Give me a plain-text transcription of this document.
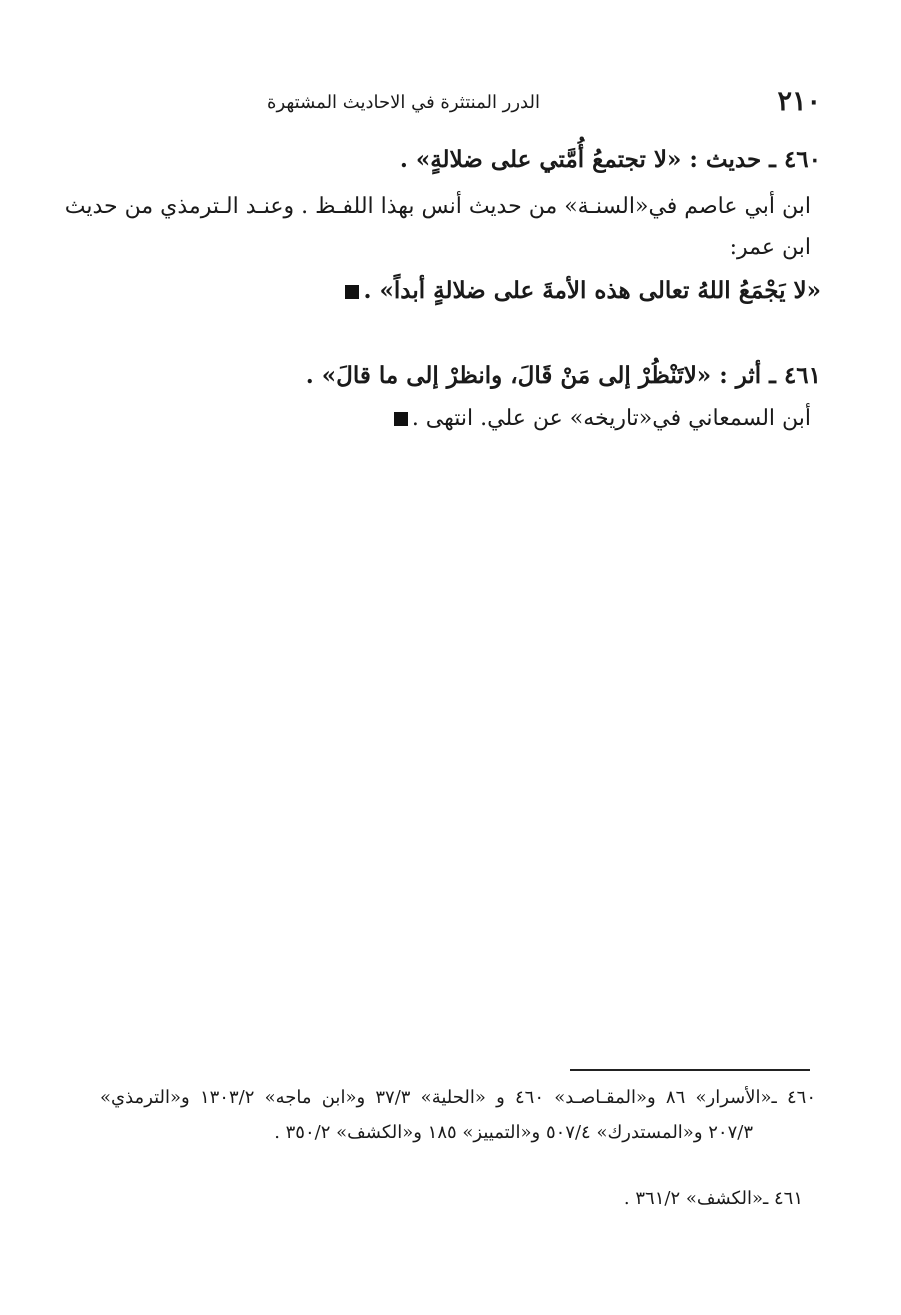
٢١٠
الدرر المنتثرة في الاحاديث المشتهرة
٤٦٠ ـ حديث : «لا تجتمعُ أُمَّتي على ضلالةٍ» .
ابن أبي عاصم في«السنـة» من حديث أنس بهذا اللفـظ . وعنـد الـترمذي من حديث
ابن عمر:
«لا يَجْمَعُ اللهُ تعالى هذه الأمةَ على ضلالةٍ أبداً» .
٤٦١ ـ أثر : «لاتَنْظُرْ إلى مَنْ قَالَ، وانظرْ إلى ما قالَ» .
أبن السمعاني في«تاريخه» عن علي. انتهى .
٤٦٠ ـ«الأسرار» ٨٦ و«المقـاصـد» ٤٦٠ و «الحلية» ٣٧/٣ و«ابن ماجه» ١٣٠٣/٢ و«الترمذي»
٢٠٧/٣ و«المستدرك» ٥٠٧/٤ و«التمييز» ١٨٥ و«الكشف» ٣٥٠/٢ .
٤٦١ ـ«الكشف» ٣٦١/٢ .
